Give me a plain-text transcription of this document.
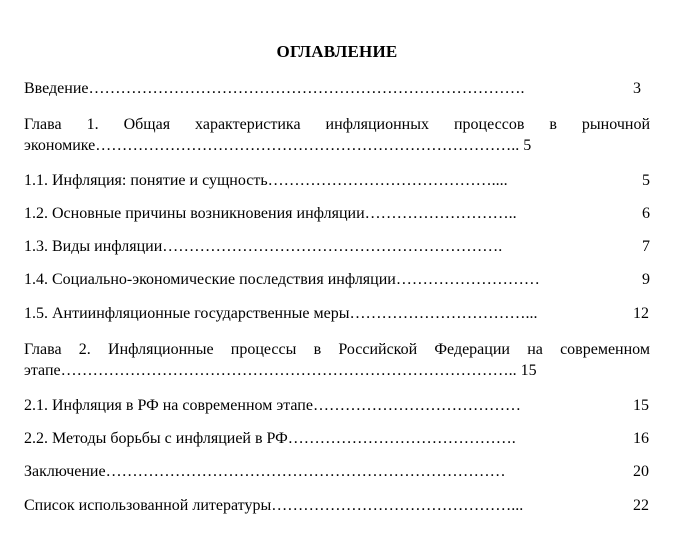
ОГЛАВЛЕНИЕ
Введение……………………………………………………………………….	3
Глава 1. Общая характеристика инфляционных процессов в рыночной
экономике…………………………………………………………………….. 5
1.1. Инфляция: понятие и сущность……………………………………....	5
1.2. Основные причины возникновения инфляции………………………..	6
1.3. Виды инфляции……………………………………………………….	7
1.4. Социально-экономические последствия инфляции………………………	9
1.5. Антиинфляционные государственные меры……………………………...	12
Глава 2. Инфляционные процессы в Российской Федерации на современном
этапе………………………………………………………………………….. 15
2.1. Инфляция в РФ на современном этапе…………………………………	15
2.2. Методы борьбы с инфляцией в РФ…………………………………….	16
Заключение…………………………………………………………………	20
Список использованной литературы………………………………………...	22
